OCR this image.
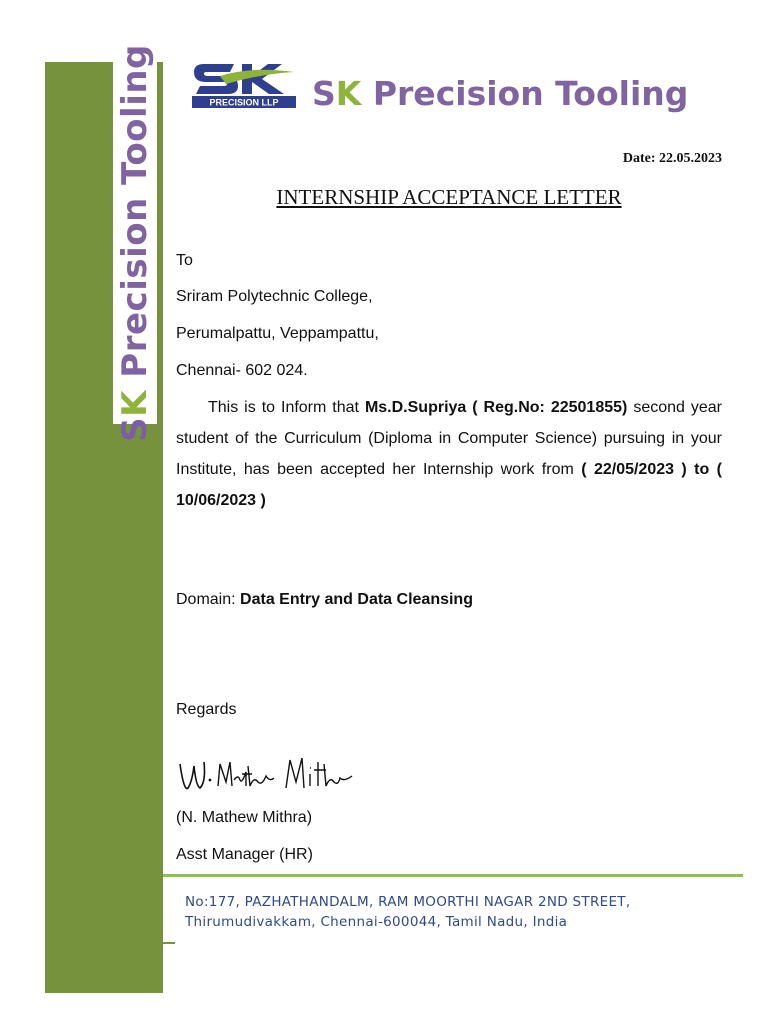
SK Precision Tooling	PRECISION LLP SK Precision Tooling
Date: 22.05.2023
INTERNSHIP ACCEPTANCE LETTER
To
Sriram Polytechnic College,
Perumalpattu, Veppampattu,
Chennai- 602 024.
This is to Inform that Ms.D.Supriya ( Reg.No: 22501855) second year student of the Curriculum (Diploma in Computer Science) pursuing in your Institute, has been accepted her Internship work from ( 22/05/2023 ) to ( 10/06/2023 )
Domain: Data Entry and Data Cleansing
Regards
(N. Mathew Mithra)
Asst Manager (HR)
No:177, PAZHATHANDALM, RAM MOORTHI NAGAR 2ND STREET,
Thirumudivakkam, Chennai-600044, Tamil Nadu, India
